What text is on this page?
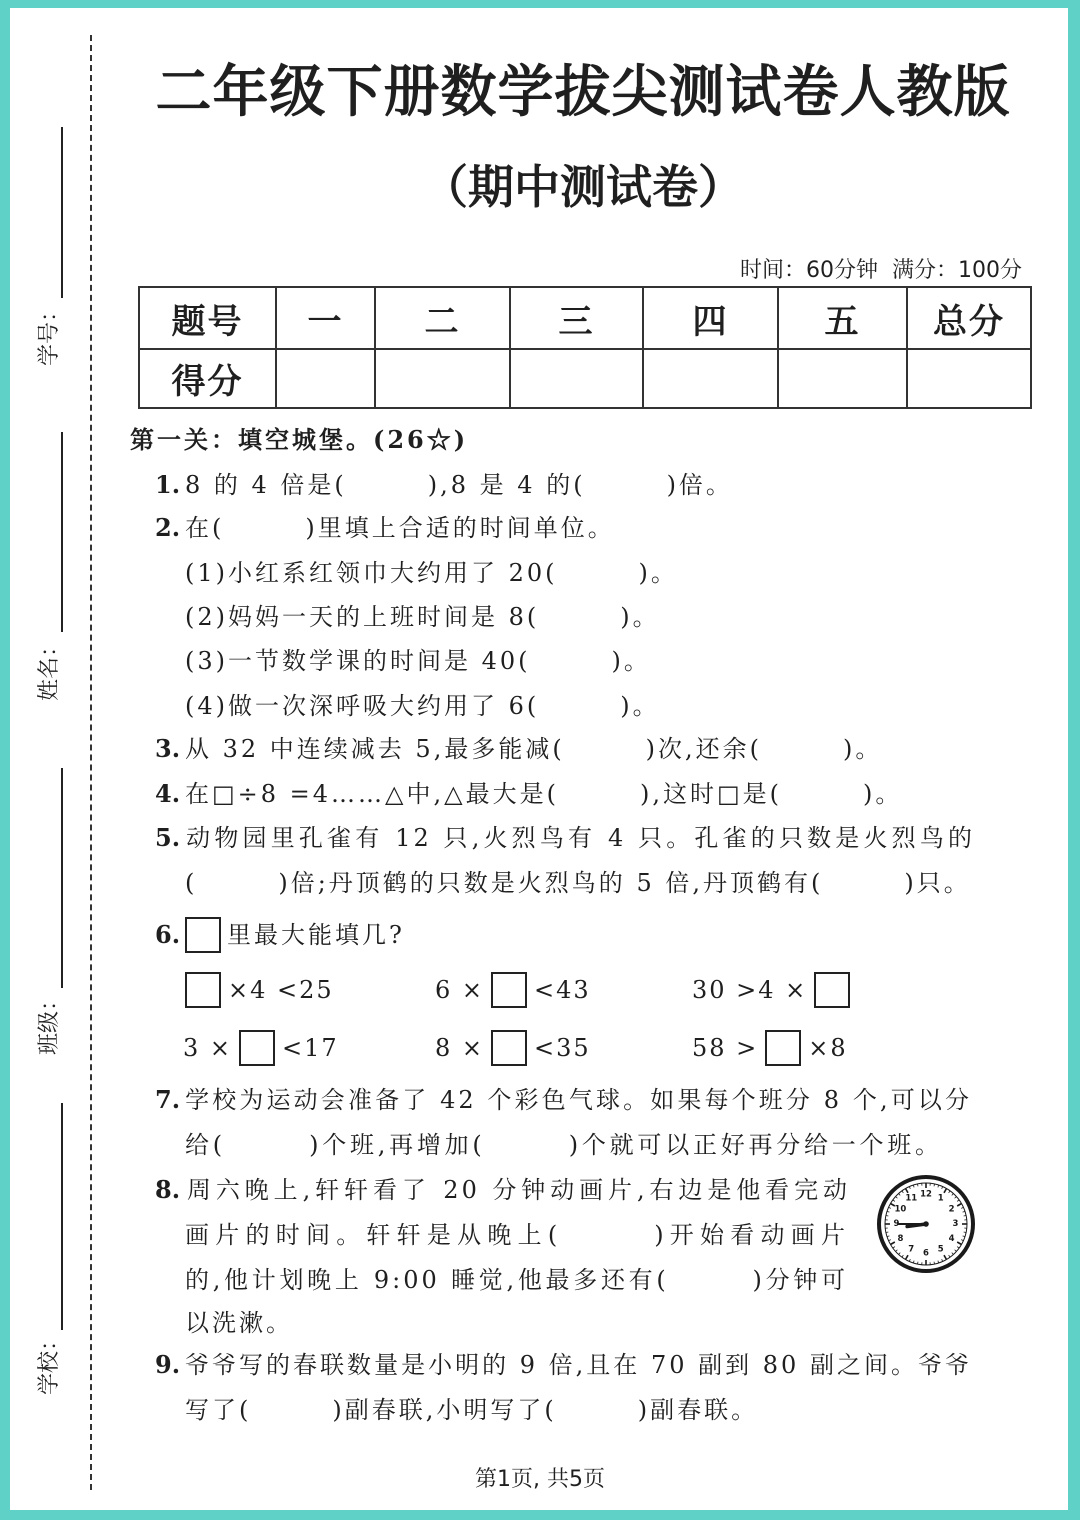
学号：
姓名：
班级：
学校：
二年级下册数学拔尖测试卷人教版
（期中测试卷）
时间：60分钟 满分：100分
题号	一	二	三	四	五	总分
得分						
第一关：填空城堡。(26☆)
1. 8 的 4 倍是(　　　),8 是 4 的(　　　)倍。
2. 在(　　　)里填上合适的时间单位。
(1)小红系红领巾大约用了 20(　　　)。
(2)妈妈一天的上班时间是 8(　　　)。
(3)一节数学课的时间是 40(　　　)。
(4)做一次深呼吸大约用了 6(　　　)。
3. 从 32 中连续减去 5,最多能减(　　　)次,还余(　　　)。
4. 在□÷8 =4……△中,△最大是(　　　),这时□是(　　　)。
5. 动物园里孔雀有 12 只,火烈鸟有 4 只。孔雀的只数是火烈鸟的
(　　　)倍;丹顶鹤的只数是火烈鸟的 5 倍,丹顶鹤有(　　　)只。
6. 里最大能填几?
×4 <25	6 × <43	30 >4 ×
3 × <17	8 × <35	58 > ×8
7. 学校为运动会准备了 42 个彩色气球。如果每个班分 8 个,可以分
给(　　　)个班,再增加(　　　)个就可以正好再分给一个班。
8. 周六晚上,轩轩看了 20 分钟动画片,右边是他看完动
画片的时间。轩轩是从晚上(　　　)开始看动画片
的,他计划晚上 9:00 睡觉,他最多还有(　　　)分钟可
以洗漱。
12 1
2
3
4
5
6
7
8
9
10
11
9. 爷爷写的春联数量是小明的 9 倍,且在 70 副到 80 副之间。爷爷
写了(　　　)副春联,小明写了(　　　)副春联。
第1页, 共5页
